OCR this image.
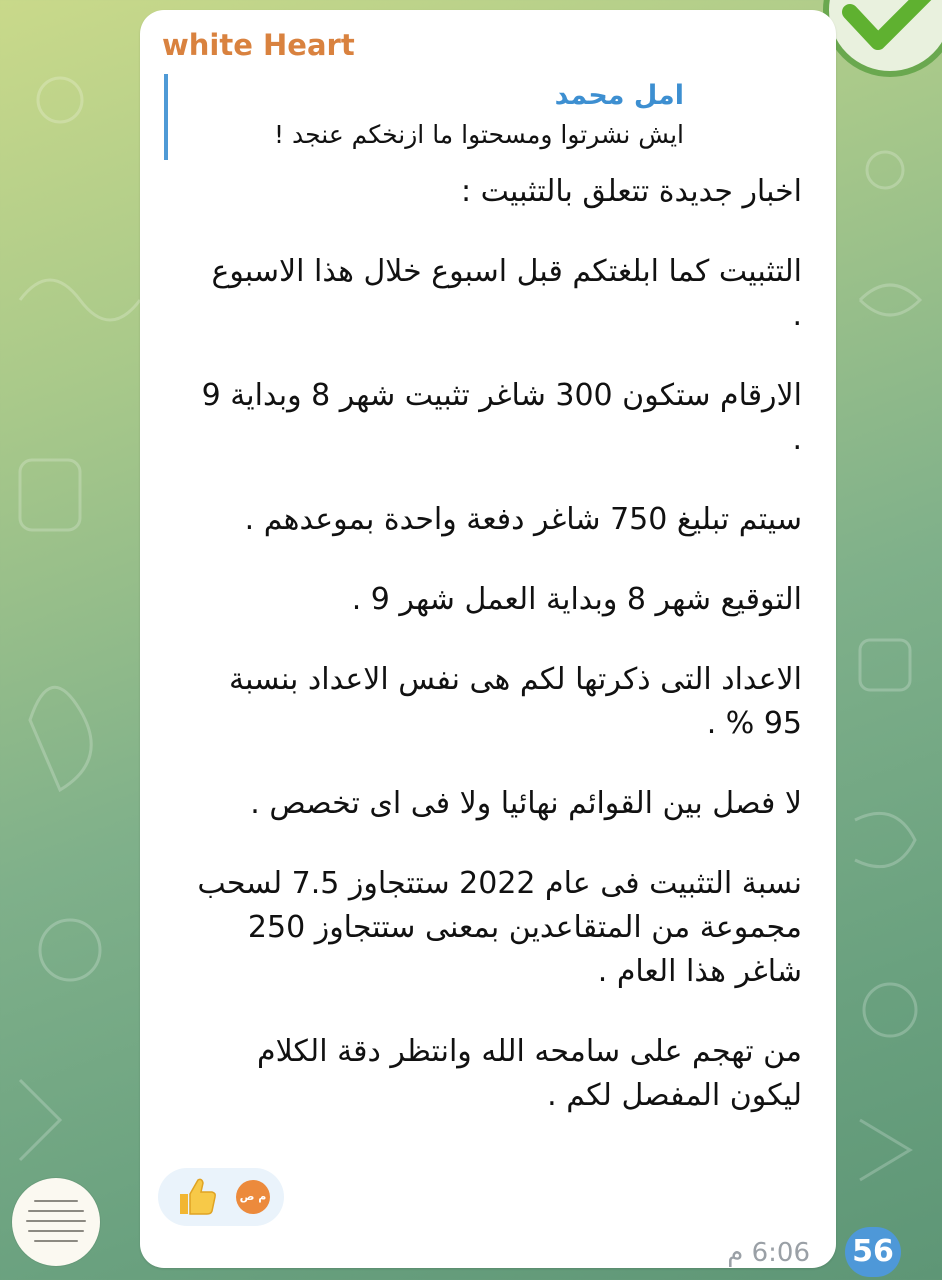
white Heart
امل محمد
ايش نشرتوا ومسحتوا ما ازنخكم عنجد !

اخبار جديدة تتعلق بالتثبيت :

التثبيت كما ابلغتكم قبل اسبوع خلال هذا الاسبوع .

الارقام ستكون 300 شاغر تثبيت شهر 8 وبداية 9 .

سيتم تبليغ 750 شاغر دفعة واحدة بموعدهم .

التوقيع شهر 8 وبداية العمل شهر 9 .

الاعداد التى ذكرتها لكم هى نفس الاعداد بنسبة 95 % .

لا فصل بين القوائم نهائيا ولا فى اى تخصص .

نسبة التثبيت فى عام 2022 ستتجاوز 7.5 لسحب مجموعة من المتقاعدين بمعنى ستتجاوز 250 شاغر هذا العام .

من تهجم على سامحه الله وانتظر دقة الكلام ليكون المفصل لكم .

م ص
6:06 م 56
